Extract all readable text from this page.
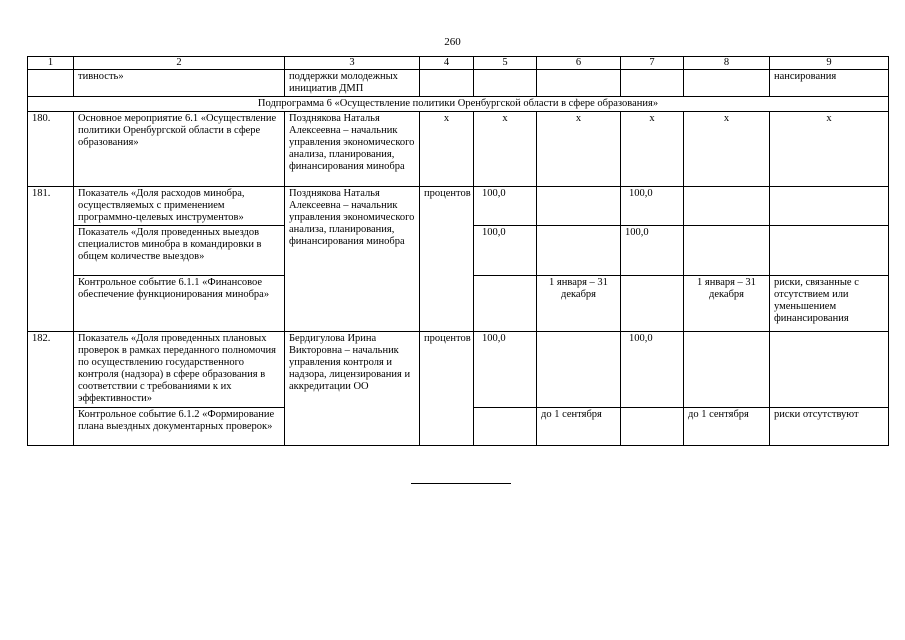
260
1	2	3	4	5	6	7	8	9
	тивность»	поддержки молодежных инициатив ДМП						нансирования
Подпрограмма 6 «Осуществление политики Оренбургской области в сфере образования»								
180.	Основное мероприятие 6.1 «Осуществление политики Оренбургской области в сфере образования»	Позднякова Наталья Алексеевна – начальник управления экономического анализа, планирования, финансирования минобра	х	х	х	х	х	х
181.	Показатель «Доля расходов минобра, осуществляемых с применением программно-целевых инструментов»	Позднякова Наталья Алексеевна – начальник управления экономического анализа, планирования, финансирования минобра	процентов	100,0		100,0		
	Показатель «Доля проведенных выездов специалистов минобра в командировки в общем количестве выездов»			100,0		100,0		
	Контрольное событие 6.1.1 «Финансовое обеспечение функционирования минобра»				1 января – 31 декабря		1 января – 31 декабря	риски, связанные с отсутствием или уменьшением финансирования
182.	Показатель «Доля проведенных плановых проверок в рамках переданного полномочия по осуществлению государственного контроля (надзора) в сфере образования в соответствии с требованиями к их эффективности»	Бердигулова Ирина Викторовна – начальник управления контроля и надзора, лицензирования и аккредитации ОО	процентов	100,0		100,0		
	Контрольное событие 6.1.2 «Формирование плана выездных документарных проверок»				до 1 сентября		до 1 сентября	риски отсутствуют
